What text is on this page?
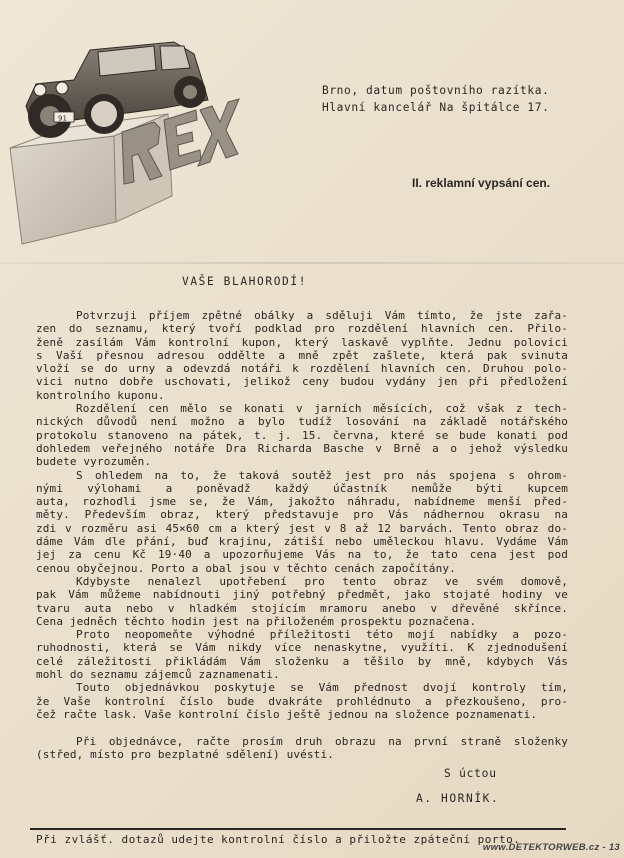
91
REX
Brno, datum poštovního razítka.
Hlavní kancelář Na špitálce 17.
II. reklamní vypsání cen.
VAŠE BLAHORODÍ!
Potvrzuji příjem zpětné obálky a sděluji Vám tímto, že jste zařa-
zen do seznamu, který tvoří podklad pro rozdělení hlavních cen. Přilo-
ženě zasílám Vám kontrolní kupon, který laskavě vyplňte. Jednu polovici
s Vaší přesnou adresou oddělte a mně zpět zašlete, která pak svinuta
vloží se do urny a odevzdá notáři k rozdělení hlavních cen. Druhou polo-
vici nutno dobře uschovati, jelikož ceny budou vydány jen při předložení
kontrolního kuponu.
Rozdělení cen mělo se konati v jarních měsících, což však z tech-
nických důvodů není možno a bylo tudíž losování na základě notářského
protokolu stanoveno na pátek, t. j. 15. června, které se bude konati pod
dohledem veřejného notáře Dra Richarda Basche v Brně a o jehož výsledku
budete vyrozuměn.
S ohledem na to, že taková soutěž jest pro nás spojena s ohrom-
nými výlohami a poněvadž každý účastník nemůže býti kupcem
auta, rozhodli jsme se, že Vám, jakožto náhradu, nabídneme menší před-
měty. Především obraz, který představuje pro Vás nádhernou okrasu na
zdi v rozměru asi 45×60 cm a který jest v 8 až 12 barvách. Tento obraz do-
dáme Vám dle přání, buď krajinu, zátiší nebo uměleckou hlavu. Vydáme Vám
jej za cenu Kč 19·40 a upozorňujeme Vás na to, že tato cena jest pod
cenou obyčejnou. Porto a obal jsou v těchto cenách započítány.
Kdybyste nenalezl upotřebení pro tento obraz ve svém domově,
pak Vám můžeme nabídnouti jiný potřebný předmět, jako stojaté hodiny ve
tvaru auta nebo v hladkém stojícím mramoru anebo v dřevěné skřínce.
Cena jedněch těchto hodin jest na přiloženém prospektu poznačena.
Proto neopomeňte výhodné příležitosti této mojí nabídky a pozo-
ruhodnosti, která se Vám nikdy více nenaskytne, využíti. K zjednodušení
celé záležitosti přikládám Vám složenku a těšilo by mně, kdybych Vás
mohl do seznamu zájemců zaznamenati.
Touto objednávkou poskytuje se Vám přednost dvojí kontroly tím,
že Vaše kontrolní číslo bude dvakráte prohlédnuto a přezkoušeno, pro-
čež račte lask. Vaše kontrolní číslo ještě jednou na složence poznamenati.
Při objednávce, račte prosím druh obrazu na první straně složenky
(střed, místo pro bezplatné sdělení) uvésti.
S úctou
A. HORNÍK.
Při zvlášť. dotazů udejte kontrolní číslo a přiložte zpáteční porto.
www.DETEKTORWEB.cz - 13
